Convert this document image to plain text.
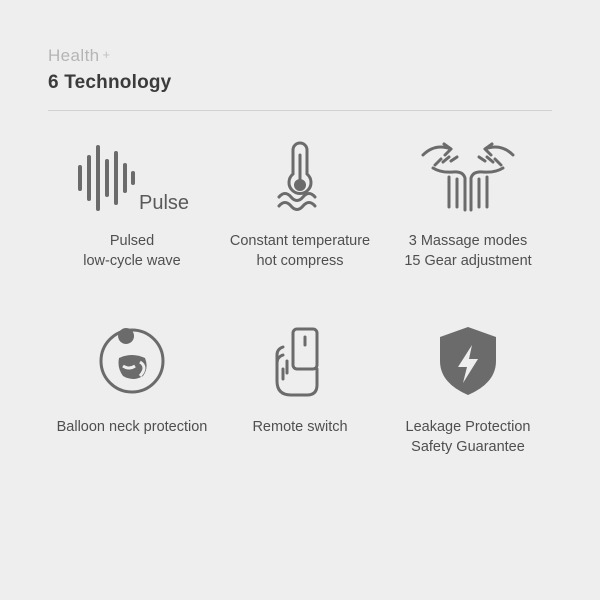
Health +
6 Technology
Pulse
Pulsed
low-cycle wave
Constant temperature
hot compress
3 Massage modes
15 Gear adjustment
Balloon neck protection	Remote switch	Leakage Protection
Safety Guarantee
